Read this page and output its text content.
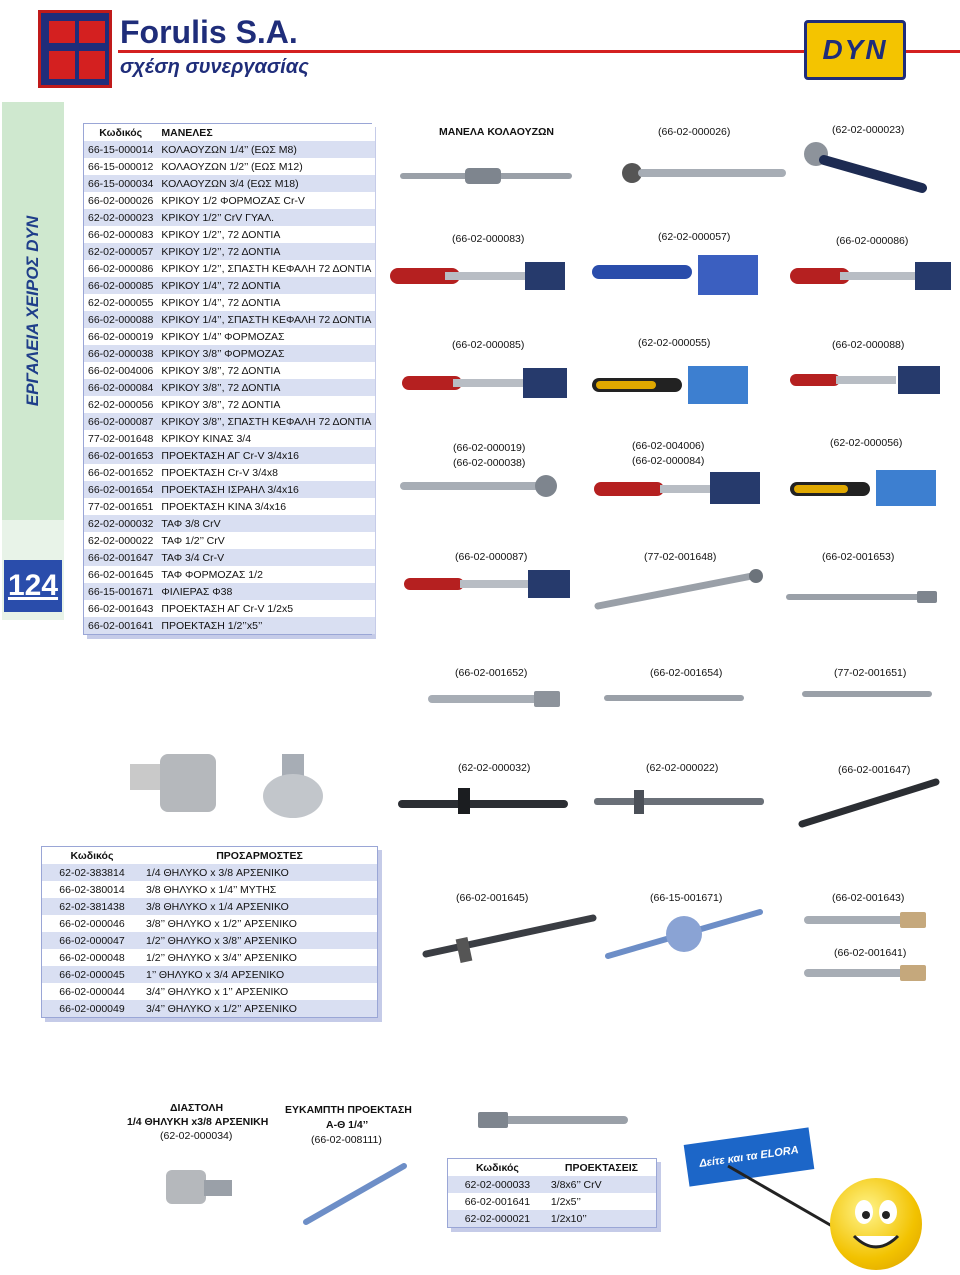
Forulis S.A.
σχέση συνεργασίας
DYN
ΕΡΓΑΛΕΙΑ ΧΕΙΡΟΣ DYN
124
Κωδικός	ΜΑΝΕΛΕΣ
66-15-000014	ΚΟΛΑΟΥΖΩΝ 1/4’’ (ΕΩΣ Μ8)
66-15-000012	ΚΟΛΑΟΥΖΩΝ 1/2’’ (ΕΩΣ Μ12)
66-15-000034	ΚΟΛΑΟΥΖΩΝ 3/4 (ΕΩΣ Μ18)
66-02-000026	ΚΡΙΚΟΥ 1/2 ΦΟΡΜΟΖΑΣ Cr-V
62-02-000023	ΚΡΙΚΟΥ 1/2’’ CrV ΓΥΑΛ.
66-02-000083	ΚΡΙΚΟΥ 1/2’’, 72 ΔΟΝΤΙΑ
62-02-000057	ΚΡΙΚΟΥ 1/2’’, 72 ΔΟΝΤΙΑ
66-02-000086	ΚΡΙΚΟΥ 1/2’’, ΣΠΑΣΤΗ ΚΕΦΑΛΗ 72 ΔΟΝΤΙΑ
66-02-000085	ΚΡΙΚΟΥ 1/4’’, 72 ΔΟΝΤΙΑ
62-02-000055	ΚΡΙΚΟΥ 1/4’’, 72 ΔΟΝΤΙΑ
66-02-000088	ΚΡΙΚΟΥ 1/4’’, ΣΠΑΣΤΗ ΚΕΦΑΛΗ 72 ΔΟΝΤΙΑ
66-02-000019	ΚΡΙΚΟΥ 1/4’’ ΦΟΡΜΟΖΑΣ
66-02-000038	ΚΡΙΚΟΥ 3/8’’ ΦΟΡΜΟΖΑΣ
66-02-004006	ΚΡΙΚΟΥ 3/8’’, 72 ΔΟΝΤΙΑ
66-02-000084	ΚΡΙΚΟΥ 3/8’’, 72 ΔΟΝΤΙΑ
62-02-000056	ΚΡΙΚΟΥ 3/8’’, 72 ΔΟΝΤΙΑ
66-02-000087	ΚΡΙΚΟΥ 3/8’’, ΣΠΑΣΤΗ ΚΕΦΑΛΗ 72 ΔΟΝΤΙΑ
77-02-001648	ΚΡΙΚΟΥ ΚΙΝΑΣ 3/4
66-02-001653	ΠΡΟΕΚΤΑΣΗ ΑΓ Cr-V 3/4x16
66-02-001652	ΠΡΟΕΚΤΑΣΗ Cr-V 3/4x8
66-02-001654	ΠΡΟΕΚΤΑΣΗ ΙΣΡΑΗΛ 3/4x16
77-02-001651	ΠΡΟΕΚΤΑΣΗ ΚΙΝΑ 3/4x16
62-02-000032	ΤΑΦ 3/8 CrV
62-02-000022	ΤΑΦ 1/2’’ CrV
66-02-001647	ΤΑΦ 3/4 Cr-V
66-02-001645	ΤΑΦ ΦΟΡΜΟΖΑΣ 1/2
66-15-001671	ΦΙΛΙΕΡΑΣ Φ38
66-02-001643	ΠΡΟΕΚΤΑΣΗ ΑΓ Cr-V 1/2x5
66-02-001641	ΠΡΟΕΚΤΑΣΗ 1/2’’x5’’
Κωδικός	ΠΡΟΣΑΡΜΟΣΤΕΣ
62-02-383814	1/4 ΘΗΛΥΚΟ x 3/8 ΑΡΣΕΝΙΚΟ
66-02-380014	3/8 ΘΗΛΥΚΟ x 1/4’’ ΜΥΤΗΣ
62-02-381438	3/8 ΘΗΛΥΚΟ x 1/4 ΑΡΣΕΝΙΚΟ
66-02-000046	3/8’’ ΘΗΛΥΚΟ x 1/2’’ ΑΡΣΕΝΙΚΟ
66-02-000047	1/2’’ ΘΗΛΥΚΟ x 3/8’’ ΑΡΣΕΝΙΚΟ
66-02-000048	1/2’’ ΘΗΛΥΚΟ x 3/4’’ ΑΡΣΕΝΙΚΟ
66-02-000045	1’’ ΘΗΛΥΚΟ x 3/4 ΑΡΣΕΝΙΚΟ
66-02-000044	3/4’’ ΘΗΛΥΚΟ x 1’’ ΑΡΣΕΝΙΚΟ
66-02-000049	3/4’’ ΘΗΛΥΚΟ x 1/2’’ ΑΡΣΕΝΙΚΟ
Κωδικός	ΠΡΟΕΚΤΑΣΕΙΣ
62-02-000033	3/8x6’’ CrV
66-02-001641	1/2x5’’
62-02-000021	1/2x10’’
ΜΑΝΕΛΑ ΚΟΛΑΟΥΖΩΝ	(66-02-000026)	(62-02-000023)
(66-02-000083)	(62-02-000057)	(66-02-000086)
(66-02-000085)	(62-02-000055)	(66-02-000088)
(66-02-000019)
(66-02-000038)
(66-02-004006)
(66-02-000084)
(62-02-000056)
(66-02-000087)	(77-02-001648)	(66-02-001653)
(66-02-001652)	(66-02-001654)	(77-02-001651)
(62-02-000032)	(62-02-000022)	(66-02-001647)
(66-02-001645)	(66-15-001671)	(66-02-001643)
(66-02-001641)
ΔΙΑΣΤΟΛΗ
1/4 ΘΗΛΥΚΗ x3/8 ΑΡΣΕΝΙΚΗ
(62-02-000034)
ΕΥΚΑΜΠΤΗ ΠΡΟΕΚΤΑΣΗ
Α-Θ 1/4’’
(66-02-008111)
Δείτε και τα ELORA
